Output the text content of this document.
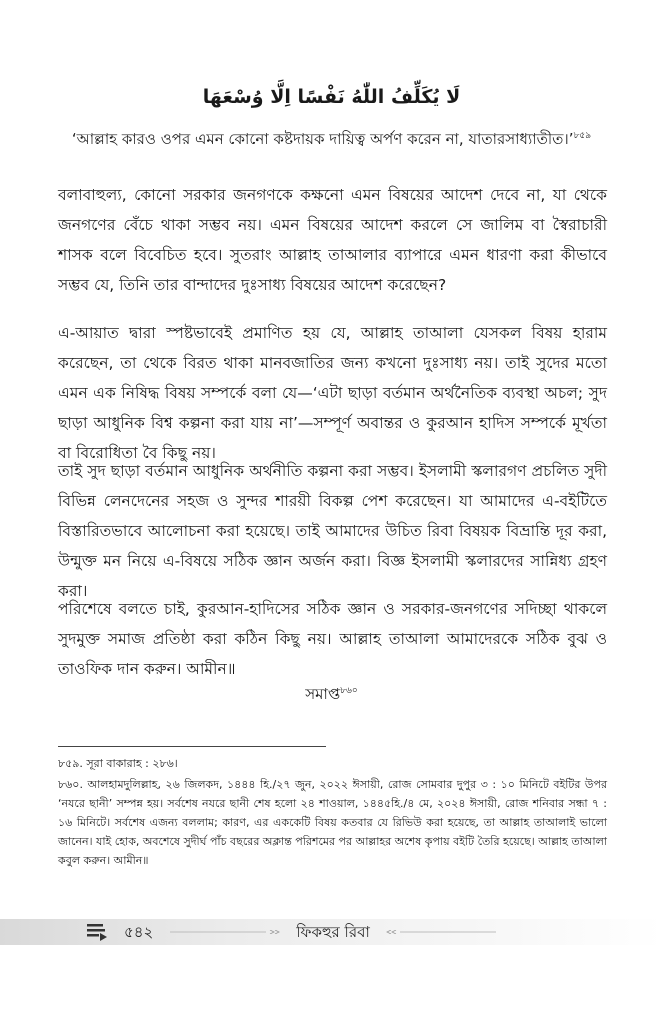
لَا يُكَلِّفُ اللّٰهُ نَفْسًا اِلَّا وُسْعَهَا
‘আল্লাহ কারও ওপর এমন কোনো কষ্টদায়ক দায়িত্ব অর্পণ করেন না, যাতারসাধ্যাতীত।’$^{৮৫৯}$

বলাবাহুল্য, কোনো সরকার জনগণকে কক্ষনো এমন বিষয়ের আদেশ দেবে না, যা থেকে জনগণের বেঁচে থাকা সম্ভব নয়। এমন বিষয়ের আদেশ করলে সে জালিম বা স্বৈরাচারী শাসক বলে বিবেচিত হবে। সুতরাং আল্লাহ তাআলার ব্যাপারে এমন ধারণা করা কীভাবে সম্ভব যে, তিনি তার বান্দাদের দুঃসাধ্য বিষয়ের আদেশ করেছেন?

এ-আয়াত দ্বারা স্পষ্টভাবেই প্রমাণিত হয় যে, আল্লাহ তাআলা যেসকল বিষয় হারাম করেছেন, তা থেকে বিরত থাকা মানবজাতির জন্য কখনো দুঃসাধ্য নয়। তাই সুদের মতো এমন এক নিষিদ্ধ বিষয় সম্পর্কে বলা যে—‘এটা ছাড়া বর্তমান অর্থনৈতিক ব্যবস্থা অচল; সুদ ছাড়া আধুনিক বিশ্ব কল্পনা করা যায় না’—সম্পূর্ণ অবান্তর ও কুরআন হাদিস সম্পর্কে মূর্খতা বা বিরোধিতা বৈ কিছু নয়।

তাই সুদ ছাড়া বর্তমান আধুনিক অর্থনীতি কল্পনা করা সম্ভব। ইসলামী স্কলারগণ প্রচলিত সুদী বিভিন্ন লেনদেনের সহজ ও সুন্দর শারয়ী বিকল্প পেশ করেছেন। যা আমাদের এ-বইটিতে বিস্তারিতভাবে আলোচনা করা হয়েছে। তাই আমাদের উচিত রিবা বিষয়ক বিভ্রান্তি দূর করা, উন্মুক্ত মন নিয়ে এ-বিষয়ে সঠিক জ্ঞান অর্জন করা। বিজ্ঞ ইসলামী স্কলারদের সান্নিধ্য গ্রহণ করা।

পরিশেষে বলতে চাই, কুরআন-হাদিসের সঠিক জ্ঞান ও সরকার-জনগণের সদিচ্ছা থাকলে সুদমুক্ত সমাজ প্রতিষ্ঠা করা কঠিন কিছু নয়। আল্লাহ তাআলা আমাদেরকে সঠিক বুঝ ও তাওফিক দান করুন। আমীন॥

সমাপ্ত$^{৮৬০}$

৮৫৯. সূরা বাকারাহ : ২৮৬।

৮৬০. আলহামদুলিল্লাহ, ২৬ জিলকদ, ১৪৪৪ হি./২৭ জুন, ২০২২ ঈসায়ী, রোজ সোমবার দুপুর ৩ : ১০ মিনিটে বইটির উপর ‘নযরে ছানী’ সম্পন্ন হয়। সর্বশেষ নযরে ছানী শেষ হলো ২৪ শাওয়াল, ১৪৪৫হি./৪ মে, ২০২৪ ঈসায়ী, রোজ শনিবার সন্ধা ৭ : ১৬ মিনিটে। সর্বশেষ এজন্য বললাম; কারণ, এর এককেটি বিষয় কতবার যে রিভিউ করা হয়েছে, তা আল্লাহ তাআলাই ভালো জানেন। যাই হোক, অবশেষে সুদীর্ঘ পাঁচ বছরের অক্লান্ত পরিশমের পর আল্লাহর অশেষ কৃপায় বইটি তৈরি হয়েছে। আল্লাহ তাআলা কবুল করুন। আমীন॥

৫৪২	ফিকহুর রিবা
